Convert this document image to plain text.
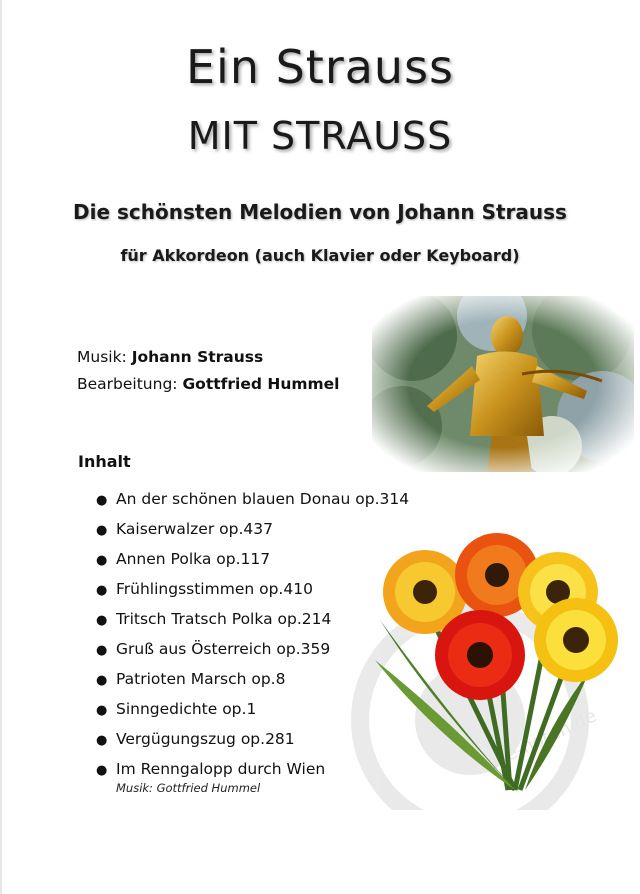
Ein Strauss
MIT STRAUSS
Die schönsten Melodien von Johann Strauss
für Akkordeon (auch Klavier oder Keyboard)
Musik: Johann Strauss
Bearbeitung: Gottfried Hummel
Inhalt
● An der schönen blauen Donau op.314
● Kaiserwalzer op.437
● Annen Polka op.117
● Frühlingsstimmen op.410
● Tritsch Tratsch Polka op.214
● Gruß aus Österreich op.359
● Patrioten Marsch op.8
● Sinngedichte op.1
● Vergügungszug op.281
● Im Renngalopp durch Wien
Musik: Gottfried Hummel
alle-noten.de
